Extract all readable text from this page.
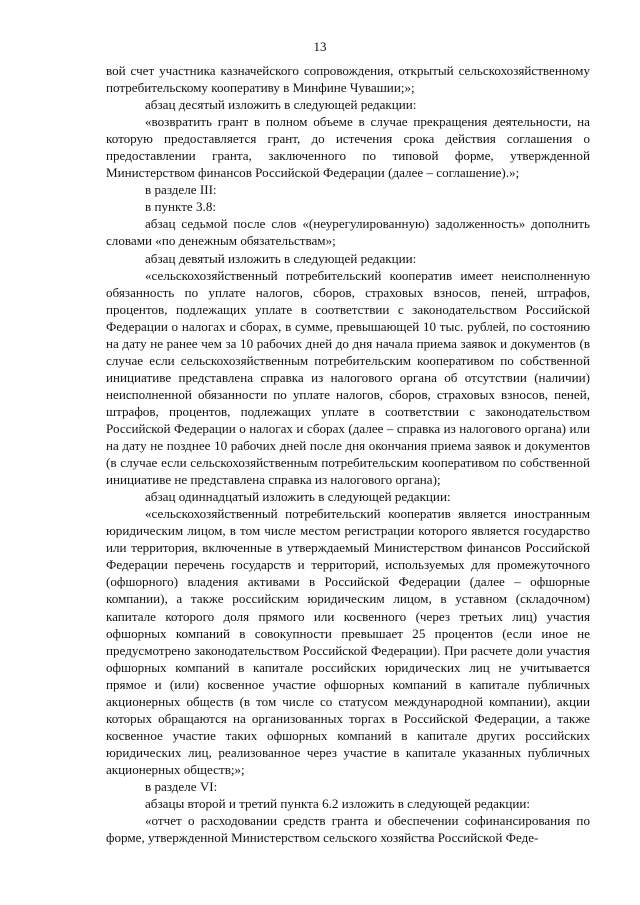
13

вой счет участника казначейского сопровождения, открытый сельскохозяйственному потребительскому кооперативу в Минфине Чувашии;»;

абзац десятый изложить в следующей редакции:

«возвратить грант в полном объеме в случае прекращения деятельности, на которую предоставляется грант, до истечения срока действия соглашения о предоставлении гранта, заключенного по типовой форме, утвержденной Министерством финансов Российской Федерации (далее – соглашение).»;

в разделе III:

в пункте 3.8:

абзац седьмой после слов «(неурегулированную) задолженность» дополнить словами «по денежным обязательствам»;

абзац девятый изложить в следующей редакции:

«сельскохозяйственный потребительский кооператив имеет неисполненную обязанность по уплате налогов, сборов, страховых взносов, пеней, штрафов, процентов, подлежащих уплате в соответствии с законодательством Российской Федерации о налогах и сборах, в сумме, превышающей 10 тыс. рублей, по состоянию на дату не ранее чем за 10 рабочих дней до дня начала приема заявок и документов (в случае если сельскохозяйственным потребительским кооперативом по собственной инициативе представлена справка из налогового органа об отсутствии (наличии) неисполненной обязанности по уплате налогов, сборов, страховых взносов, пеней, штрафов, процентов, подлежащих уплате в соответствии с законодательством Российской Федерации о налогах и сборах (далее – справка из налогового органа) или на дату не позднее 10 рабочих дней после дня окончания приема заявок и документов (в случае если сельскохозяйственным потребительским кооперативом по собственной инициативе не представлена справка из налогового органа);

абзац одиннадцатый изложить в следующей редакции:

«сельскохозяйственный потребительский кооператив является иностранным юридическим лицом, в том числе местом регистрации которого является государство или территория, включенные в утверждаемый Министерством финансов Российской Федерации перечень государств и территорий, используемых для промежуточного (офшорного) владения активами в Российской Федерации (далее – офшорные компании), а также российским юридическим лицом, в уставном (складочном) капитале которого доля прямого или косвенного (через третьих лиц) участия офшорных компаний в совокупности превышает 25 процентов (если иное не предусмотрено законодательством Российской Федерации). При расчете доли участия офшорных компаний в капитале российских юридических лиц не учитывается прямое и (или) косвенное участие офшорных компаний в капитале публичных акционерных обществ (в том числе со статусом международной компании), акции которых обращаются на организованных торгах в Российской Федерации, а также косвенное участие таких офшорных компаний в капитале других российских юридических лиц, реализованное через участие в капитале указанных публичных акционерных обществ;»;

в разделе VI:

абзацы второй и третий пункта 6.2 изложить в следующей редакции:

«отчет о расходовании средств гранта и обеспечении софинансирования по форме, утвержденной Министерством сельского хозяйства Российской Феде-
